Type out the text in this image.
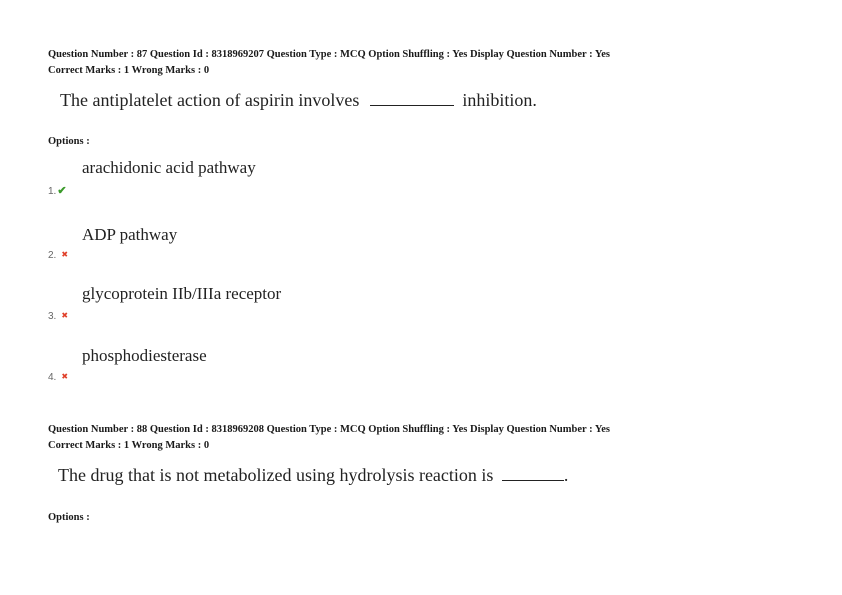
Question Number : 87 Question Id : 8318969207 Question Type : MCQ Option Shuffling : Yes Display Question Number : Yes
Correct Marks : 1 Wrong Marks : 0
The antiplatelet action of aspirin involves	inhibition.
Options :
arachidonic acid pathway
1.✔
ADP pathway
2. ✖
glycoprotein IIb/IIIa receptor
3. ✖
phosphodiesterase
4. ✖
Question Number : 88 Question Id : 8318969208 Question Type : MCQ Option Shuffling : Yes Display Question Number : Yes
Correct Marks : 1 Wrong Marks : 0
The drug that is not metabolized using hydrolysis reaction is	.
Options :
